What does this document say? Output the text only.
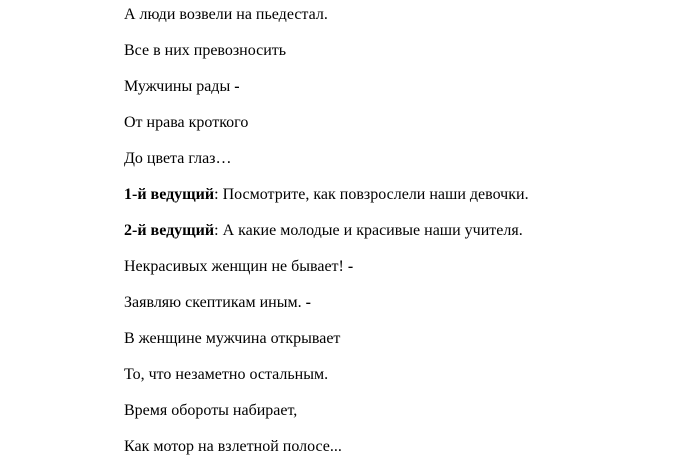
А люди возвели на пьедестал.
Все в них превозносить
Мужчины рады -
От нрава кроткого
До цвета глаз…
1-й ведущий: Посмотрите, как повзрослели наши девочки.
2-й ведущий: А какие молодые и красивые наши учителя.
Некрасивых женщин не бывает! -
Заявляю скептикам иным. -
В женщине мужчина открывает
То, что незаметно остальным.
Время обороты набирает,
Как мотор на взлетной полосе...
